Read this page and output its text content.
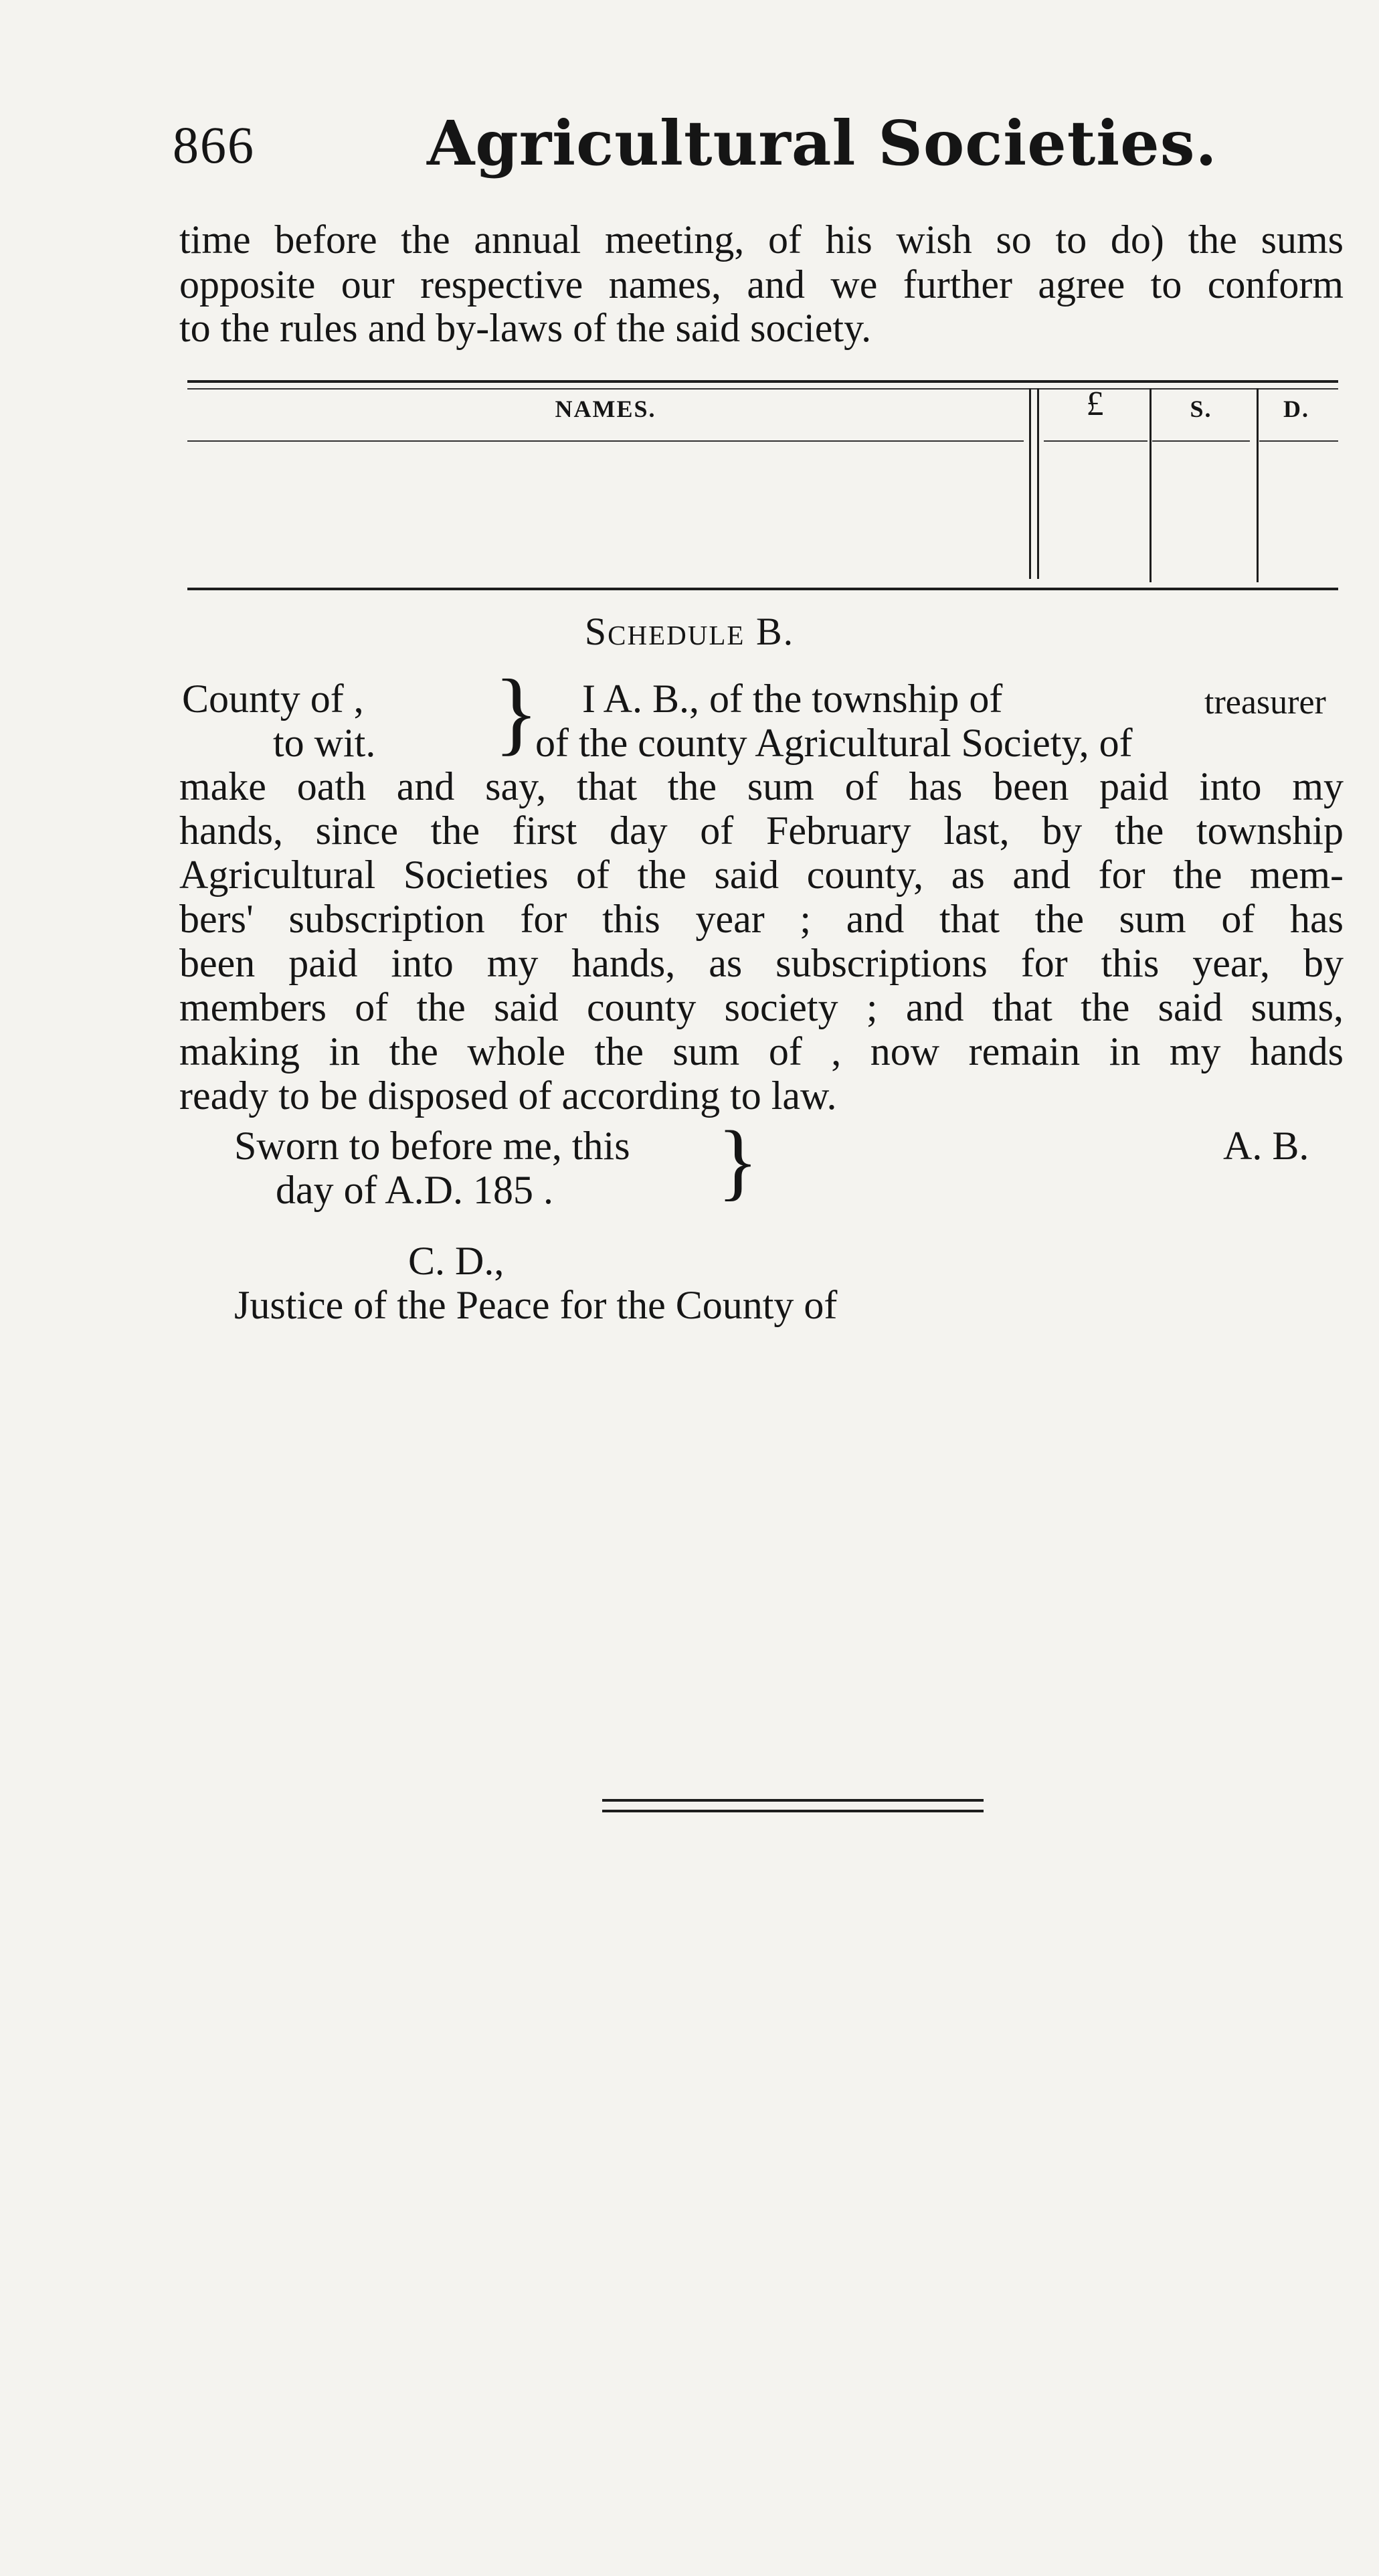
866	Agricultural Societies.
time before the annual meeting, of his wish so to do) the sums
opposite our respective names, and we further agree to conform
to the rules and by-laws of the said society.
NAMES.	£	S.	D.
Schedule B.
County of ,
to wit. } I A. B., of the township of	treasurer
of the county Agricultural Society, of
make oath and say, that the sum of has been paid into my
hands, since the first day of February last, by the township
Agricultural Societies of the said county, as and for the mem-
bers' subscription for this year ; and that the sum of has
been paid into my hands, as subscriptions for this year, by
members of the said county society ; and that the said sums,
making in the whole the sum of , now remain in my hands
ready to be disposed of according to law.
Sworn to before me, this
day of A.D. 185 . }	A. B.
C. D.,
Justice of the Peace for the County of
